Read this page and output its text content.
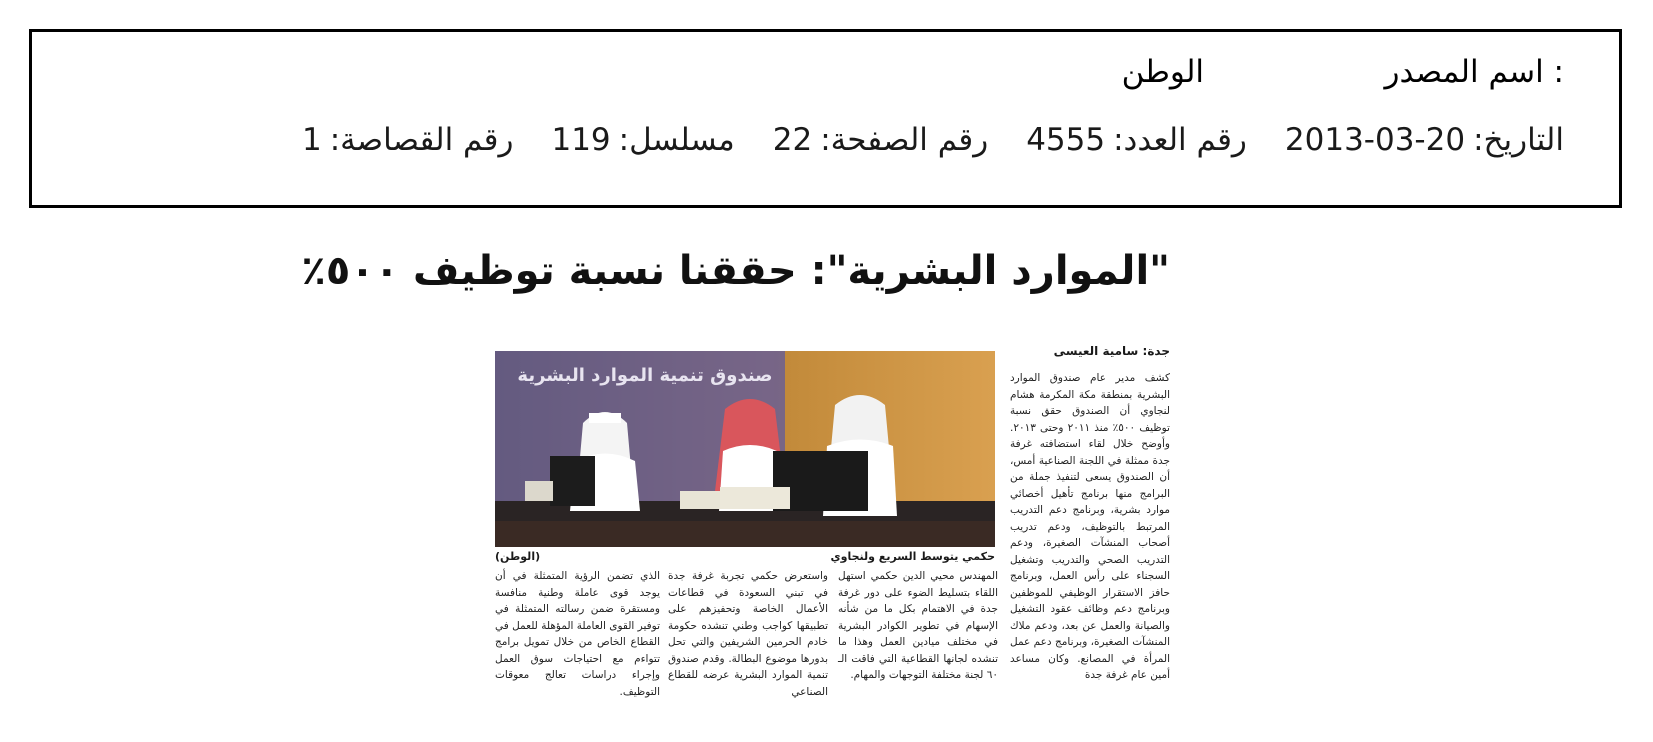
اسم المصدر :
الوطن
التاريخ:2013-03-20
رقم العدد:4555
رقم الصفحة:22
مسلسل:119
رقم القصاصة:1
"الموارد البشرية": حققنا نسبة توظيف ٥٠٠٪
جدة: سامية العيسى
صندوق تنمية الموارد البشرية
حكمي يتوسط السريع ولنجاوي
(الوطن)
كشف مدير عام صندوق الموارد البشرية بمنطقة مكة المكرمة هشام لنجاوي أن الصندوق حقق نسبة توظيف ٥٠٠٪ منذ ٢٠١١ وحتى ٢٠١٣. وأوضح خلال لقاء استضافته غرفة جدة ممثلة في اللجنة الصناعية أمس، أن الصندوق يسعى لتنفيذ جملة من البرامج منها برنامج تأهيل أخصائي موارد بشرية، وبرنامج دعم التدريب المرتبط بالتوظيف، ودعم تدريب أصحاب المنشآت الصغيرة، ودعم التدريب الصحي والتدريب وتشغيل السجناء على رأس العمل، وبرنامج حافز الاستقرار الوظيفي للموظفين وبرنامج دعم وظائف عقود التشغيل والصيانة والعمل عن بعد، ودعم ملاك المنشآت الصغيرة، وبرنامج دعم عمل المرأة في المصانع. وكان مساعد أمين عام غرفة جدة
المهندس محيي الدين حكمي استهل اللقاء بتسليط الضوء على دور غرفة جدة في الاهتمام بكل ما من شأنه الإسهام في تطوير الكوادر البشرية في مختلف ميادين العمل وهذا ما تنشده لجانها القطاعية التي فاقت الـ ٦٠ لجنة مختلفة التوجهات والمهام.
واستعرض حكمي تجربة غرفة جدة في تبني السعودة في قطاعات الأعمال الخاصة وتحفيزهم على تطبيقها كواجب وطني تنشده حكومة خادم الحرمين الشريفين والتي تحل بدورها موضوع البطالة. وقدم صندوق تنمية الموارد البشرية عرضه للقطاع الصناعي
الذي تضمن الرؤية المتمثلة في أن يوجد قوى عاملة وطنية منافسة ومستقرة ضمن رسالته المتمثلة في توفير القوى العاملة المؤهلة للعمل في القطاع الخاص من خلال تمويل برامج تتواءم مع احتياجات سوق العمل وإجراء دراسات تعالج معوقات التوظيف.
